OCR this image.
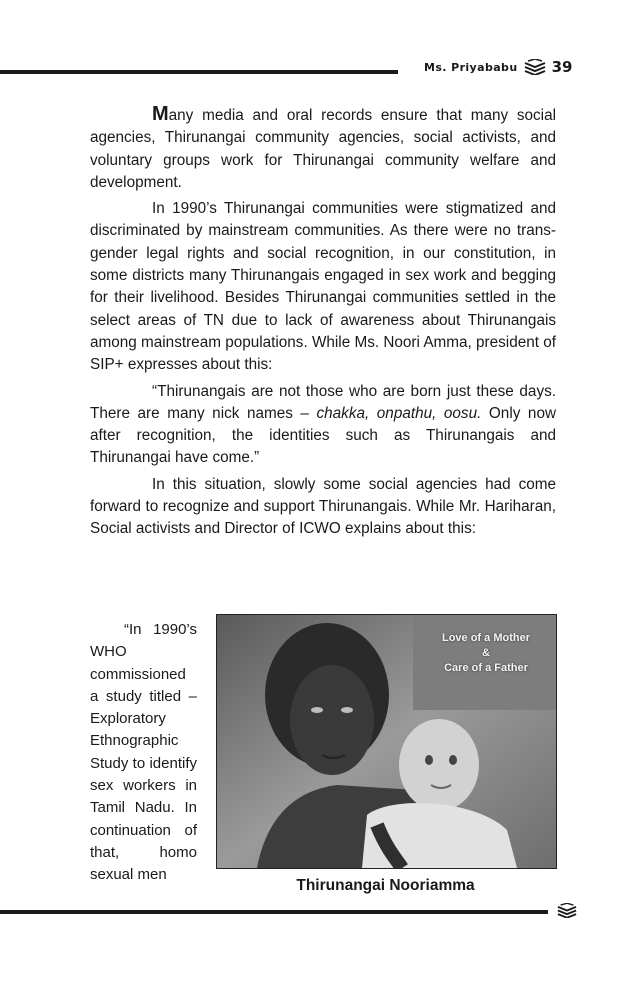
Ms. Priyababu 39

Many media and oral records ensure that many social agencies, Thirunangai community agencies, social activists, and voluntary groups work for Thirunangai community welfare and development.

In 1990’s Thirunangai communities were stigmatized and discriminated by mainstream communities. As there were no trans-gender legal rights and social recognition, in our constitution, in some districts many Thirunangais engaged in sex work and begging for their livelihood. Besides Thirunangai communities settled in the select areas of TN due to lack of awareness about Thirunangais among mainstream populations. While Ms. Noori Amma, president of SIP+ expresses about this:

“Thirunangais are not those who are born just these days. There are many nick names – chakka, onpathu, oosu. Only now after recognition, the identities such as Thirunangais and Thirunangai have come.”

In this situation, slowly some social agencies had come forward to recognize and support Thirunangais. While Mr. Hariharan, Social activists and Director of ICWO explains about this:

“In 1990’s WHO commissioned a study titled – Exploratory Ethnographic Study to identify sex workers in Tamil Nadu. In continuation of that, homo sexual men

Love of a Mother
&
Care of a Father
Thirunangai Nooriamma
